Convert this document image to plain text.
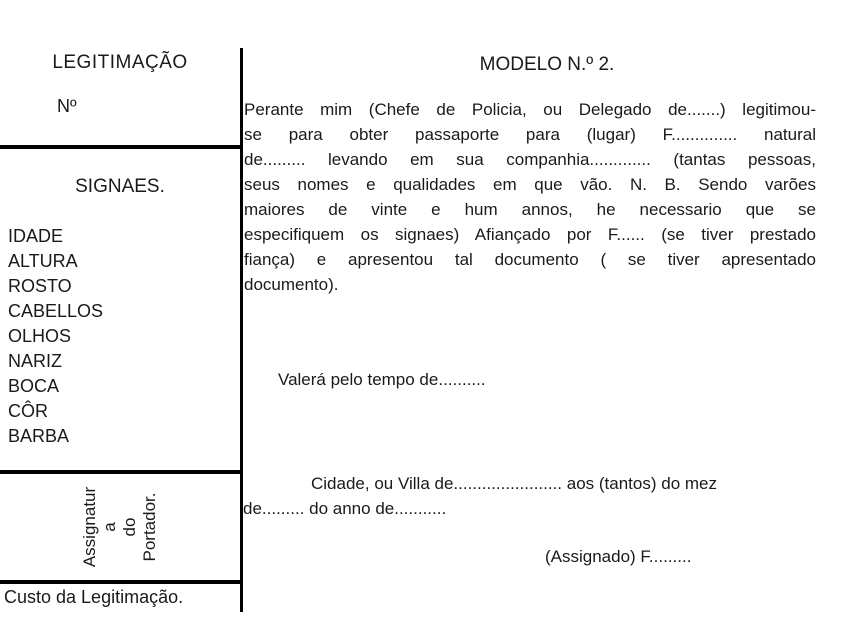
LEGITIMAÇÃO
Nº
SIGNAES.
IDADE
ALTURA
ROSTO
CABELLOS
OLHOS
NARIZ
BOCA
CÔR
BARBA
Assignatur a do Portador.
Custo da Legitimação.
MODELO N.º 2.
Perante mim (Chefe de Policia, ou Delegado de.......) legitimou-
se para obter passaporte para (lugar) F.............. natural
de......... levando em sua companhia............. (tantas pessoas,
seus nomes e qualidades em que vão. N. B. Sendo varões
maiores de vinte e hum annos, he necessario que se
especifiquem os signaes) Afiançado por F...... (se tiver prestado
fiança) e apresentou tal documento ( se tiver apresentado
documento).
Valerá pelo tempo de..........
Cidade, ou Villa de....................... aos (tantos) do mez
de......... do anno de...........
(Assignado) F.........
